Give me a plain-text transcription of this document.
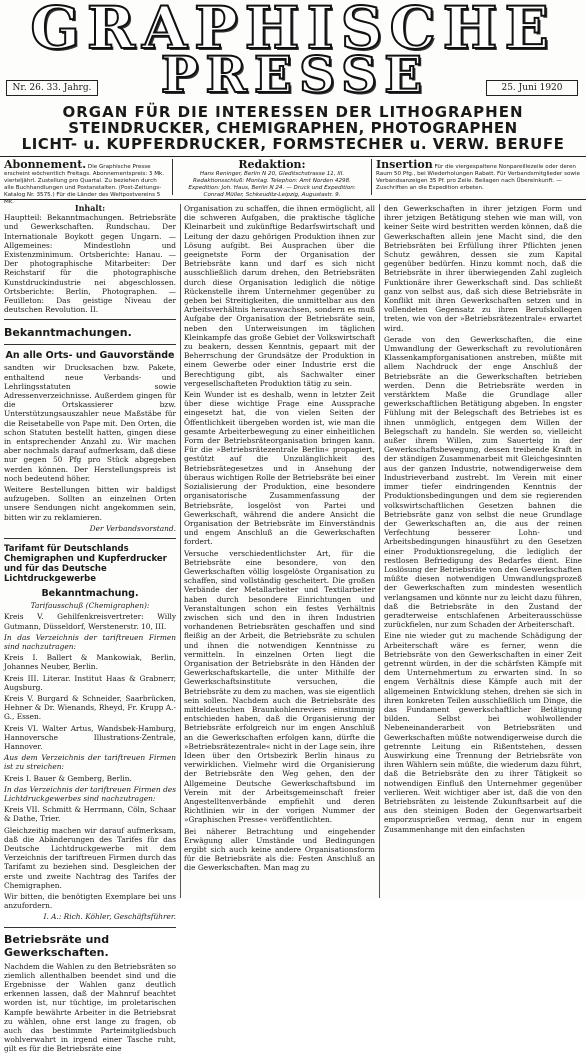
GRAPHISCHE
PRESSE
Nr. 26. 33. Jahrg.	25. Juni 1920
ORGAN FÜR DIE INTERESSEN DER LITHOGRAPHEN
STEINDRUCKER, CHEMIGRAPHEN, PHOTOGRAPHEN
LICHT- u. KUPFERDRUCKER, FORMSTECHER u. VERW. BERUFE
Abonnement. Die Graphische Presse erscheint wöchentlich Freitags. Abonnementspreis: 3 Mk. vierteljährl. Zustellung pro Quartal. Zu beziehen durch alle Buchhandlungen und Postanstalten. (Post-Zeitungs-Katalog Nr. 3575.) Für die Länder des Weltpostvereins 5 Mk.
Redaktion:
Hans Reninger, Berlin N 20, Gleditschstrasse 11, III. Redaktionsschluß: Montag. Telephon: Amt Norden 4298. Expedition: Joh. Haus, Berlin N 24. — Druck und Expedition: Conrad Müller, Schkeuditz-Leipzig, Augustastr. 9.
Insertion Für die viergespaltene Nonpareillezeile oder deren Raum 50 Pfg., bei Wiederholungen Rabatt. Für Verbandsmitglieder sowie Verbandsanzeigen 35 Pf. pro Zeile. Beilagen nach Übereinkunft. — Zuschriften an die Expedition erbeten.
Inhalt:

Hauptteil: Bekanntmachungen. Betriebsräte und Gewerkschaften. Rundschau. Der Internationale Boykott gegen Ungarn. — Allgemeines: Mindestlohn und Existenzminimum. Ortsberichte: Hanau. — Der photographische Mitarbeiter: Der Reichstarif für die photographische Kunstdruckindustrie nei abgeschlossen. Ortsberichte: Berlin, Photographen. — Feuilleton: Das geistige Niveau der deutschen Revolution. II.

Bekanntmachungen.
An alle Orts- und Gauvorstände

sandten wir Drucksachen bzw. Pakete, enthaltend neue Verbands- und Lehrlingsstatuten sowie Adressenverzeichnisse. Außerdem gingen für die Ortskassierer bzw. Unterstützungsauszahler neue Maßstäbe für die Reisetabelle von Pape mit. Den Orten, die schon Statuten bestellt hatten, gingen diese in entsprechender Anzahl zu. Wir machen aber nochmals darauf aufmerksam, daß diese nur gegen 50 Pfg pro Stück abgegeben werden können. Der Herstellungspreis ist noch bedeutend höher.

Weitere Bestellungen bitten wir baldigst aufzugeben. Sollten an einzelnen Orten unsere Sendungen nicht angekommen sein, bitten wir zu reklamieren.

Der Verbandsvorstand.

Tarifamt für Deutschlands Chemigraphen und Kupferdrucker und für das Deutsche Lichtdruckgewerbe
Bekanntmachung.

Tarifausschuß (Chemigraphen):

Kreis V. Gehilfenkreisvertreter: Willy Gutmann, Düsseldorf, Werstenerstr. 10, III.

In das Verzeichnis der tariftreuen Firmen sind nachzutragen:

Kreis I. Ballert & Mankowiak, Berlin, Johannes Neuber, Berlin.

Kreis III. Literar. Institut Haas & Grabnerr, Augsburg.

Kreis V. Burgard & Schneider, Saarbrücken, Hehner & Dr. Wienands, Rheyd, Fr. Krupp A.-G., Essen.

Kreis VI. Walter Artus, Wandsbek-Hamburg, Hannoversche Illustrations-Zentrale, Hannover.

Aus dem Verzeichnis der tariftreuen Firmen ist zu streichen:

Kreis I. Bauer & Gemberg, Berlin.

In das Verzeichnis der tariftreuen Firmen des Lichtdruckgewerbes sind nachzutragen:

Kreis VII. Schmitt & Herrmann, Cöln, Schaar & Dathe, Trier.

Gleichzeitig machen wir darauf aufmerksam, daß die Abänderungen des Tarifes für das Deutsche Lichtdruckgewerbe mit dem Verzeichnis der tariftreuen Firmen durch das Tarifamt zu beziehen sind. Desgleichen der erste und zweite Nachtrag des Tarifes der Chemigraphen.

Wir bitten, die benötigten Exemplare bei uns anzufordern.

I. A.: Rich. Köhler, Geschäftsführer.

Betriebsräte und Gewerkschaften.

Nachdem die Wahlen zu den Betriebsräten so ziemlich allenthalben beendet sind und die Ergebnisse der Wahlen ganz deutlich erkennen lassen, daß der Mahnruf beachtet worden ist, nur tüchtige, im proletarischen Kampfe bewährte Arbeiter in die Betriebsrat zu wählen, ohne erst lange zu fragen, ob auch das bestimmte Parteimitgliedsbuch wohlverwahrt in irgend einer Tasche ruht, gilt es für die Betriebsräte eine

Organisation zu schaffen, die ihnen ermöglicht, all die schweren Aufgaben, die praktische tägliche Kleinarbeit und zukünftige Bedarfswirtschaft und Leitung der dazu gehörigen Produktion ihnen zur Lösung aufgibt. Bei Ausprachen über die geeignetste Form der Organisation der Betriebsräte kann und darf es sich nicht ausschließlich darum drehen, den Betriebsräten durch diese Organisation lediglich die nötige Rückenstelle ihrem Unternehmer gegenüber zu geben bei Streitigkeiten, die unmittelbar aus den Arbeitsverhältnis herauswachsen, sondern es muß Aufgabe der Organisation der Betriebsräte sein, neben den Unterweisungen im täglichen Kleinkampfe das große Gebiet der Volkswirtschaft zu beakern, dessen Kenntnis, gepaart mit der Beherrschung der Grundsätze der Produktion in einem Gewerbe oder einer Industrie erst die Berechtigung gibt, als Sachwalter einer vergesellschafteten Produktion tätig zu sein.

Kein Wunder ist es deshalb, wenn in letzter Zeit über diese wichtige Frage eine Aussprache eingesetzt hat, die von vielen Seiten der Öffentlichkeit übergeben worden ist, wie man die gesamte Arbeiterbewegung zu einer einheitlichen Form der Betriebsräteorganisation bringen kann. Für die »Betriebsrätezentrale Berlin« propagiert, gestützt auf die Unzulänglichkeit des Betriebsrätegesetzes und in Ansehung der überaus wichtigen Rolle der Betriebsräte bei einer Sozialisierung der Produktion, eine besondere organisatorische Zusammenfassung der Betriebsräte, losgelöst von Partei und Gewerkschaft, während die andere Ansicht die Organisation der Betriebsräte im Einverständnis und engem Anschluß an die Gewerkschaften fordert.

Versuche verschiedentlichster Art, für die Betriebsräte eine besondere, von den Gewerkschaften völlig losgelöste Organisation zu schaffen, sind vollständig gescheitert. Die großen Verbände der Metallarbeiter und Textilarbeiter haben durch besondere Einrichtungen und Veranstaltungen schon ein festes Verhältnis zwischen sich und den in ihren Industrien vorhandenen Betriebsräten geschaffen und sind fleißig an der Arbeit, die Betriebsräte zu schulen und ihnen die notwendigen Kenntnisse zu vermitteln. In einzelnen Orten liegt die Organisation der Betriebsräte in den Händen der Gewerkschaftskartelle, die unter Mithilfe der Gewerkschaftsinstitute versuchen, die Betriebsräte zu dem zu machen, was sie eigentlich sein sollen. Nachdem auch die Betriebsräte des mitteldeutschen Braunkohlenreviers einstimmig entschieden haben, daß die Organisierung der Betriebsräte erfolgreich nur im engen Anschluß an die Gewerkschaften erfolgen kann, dürfte die »Betriebsrätezentrale« nicht in der Lage sein, ihre Ideen über den Ortsbezirk Berlin hinaus zu verwirklichen. Vielmehr wird die Organisierung der Betriebsräte den Weg gehen, den der Allgemeine Deutsche Gewerkschaftsbund im Verein mit der Arbeitsgemeinschaft freier Angestelltenverbände empfiehlt und deren Richtlinien wir in der vorigen Nummer der »Graphischen Presse« veröffentlichten.

Bei näherer Betrachtung und eingehender Erwägung aller Umstände und Bedingungen ergibt sich auch keine andere Organisationsform für die Betriebsräte als die: Festen Anschluß an die Gewerkschaften. Man mag zu

den Gewerkschaften in ihrer jetzigen Form und ihrer jetzigen Betätigung stehen wie man will, von keiner Seite wird bestritten werden können, daß die Gewerkschaften allein jene Macht sind, die den Betriebsräten bei Erfüllung ihrer Pflichten jenen Schutz gewähren, dessen sie zum Kapital gegenüber bedürfen. Hinzu kommt noch, daß die Betriebsräte in ihrer überwiegenden Zahl zugleich Funktionäre ihrer Gewerkschaft sind. Das schließt ganz von selbst aus, daß sich diese Betriebsräte in Konflikt mit ihren Gewerkschaften setzen und in vollendeten Gegensatz zu ihren Berufskollegen treten, wie von der »Betriebsrätezentrale« erwartet wird.

Gerade von den Gewerkschaften, die eine Umwandlung der Gewerkschaft zu revolutionären Klassenkampforganisationen anstreben, müßte mit allem Nachdruck der enge Anschluß der Betriebsräte an die Gewerkschaften betrieben werden. Denn die Betriebsräte werden in verstärktem Maße die Grundlage aller gewerkschaftlichen Betätigung abgeben. In engster Fühlung mit der Belegschaft des Betriebes ist es ihnen unmöglich, entgegen dem Willen der Belegschaft zu handeln. Sie werden so, vielleicht außer ihrem Willen, zum Sauerteig in der Gewerkschaftsbewegung, dessen treibende Kraft in der ständigen Zusammenarbeit mit Gleichgesinnten aus der ganzen Industrie, notwendigerweise dem Industrieverband zustrebt. Im Verein mit einer immer tiefer eindringenden Kenntnis der Produktionsbedingungen und dem sie regierenden volkswirtschaftlichen Gesetzen bahnen die Betriebsräte ganz von selbst die neue Grundlage der Gewerkschaften an, die aus der reinen Verfechtung besserer Lohn- und Arbeitsbedingungen hinausführt zu den Gesetzen einer Produktionsregelung, die lediglich der restlosen Befriedigung des Bedarfes dient. Eine Loslösung der Betriebsräte von den Gewerkschaften müßte diesen notwendigen Umwandlungsprozeß der Gewerkschaften zum mindesten wesentlich verlangsamen und könnte nur zu leicht dazu führen, daß die Betriebsräte in den Zustand der geradterweise entschlafenen Arbeiterausschüsse zurückfielen, nur zum Schaden der Arbeiterschaft.

Eine nie wieder gut zu machende Schädigung der Arbeiterschaft wäre es ferner, wenn die Betriebsräte von den Gewerkschaften in einer Zeit getrennt würden, in der die schärfsten Kämpfe mit dem Unternehmertum zu erwarten sind. In so engem Verhältnis diese Kämpfe auch mit der allgemeinen Entwicklung stehen, drehen sie sich in ihren konkreten Teilen ausschließlich um Dinge, die das Fundament gewerkschaftlicher Betätigung bilden. Selbst bei wohlwollender Nebeneinanderarbeit von Betriebsräten und Gewerkschaften müßte notwendigerweise durch die getrennte Leitung ein Rißentstehen, dessen Auswirkung eine Trennung der Betriebsräte von ihren Wählern sein müßte, die wiederum dazu führt, daß die Betriebsräte den zu ihrer Tätigkeit so notwendigen Einfluß den Unternehmer gegenüber verlieren. Weit wichtiger aber ist, daß die von den Betriebsräten zu leistende Zukunftsarbeit auf die aus den steinigen Boden der Gegenwartsarbeit emporzusprießen vermag, denn nur in engem Zusammenhange mit den einfachsten
